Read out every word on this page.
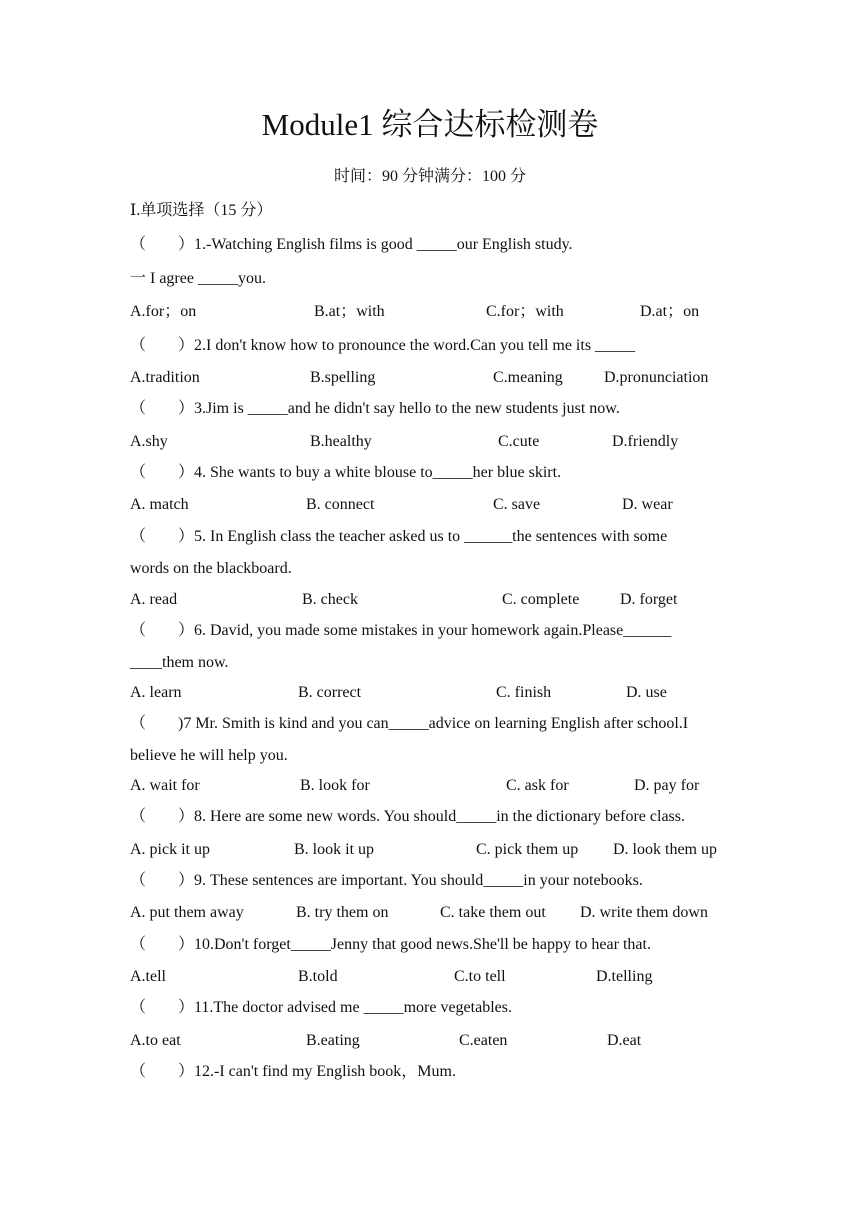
Module1 综合达标检测卷
时间：90 分钟满分：100 分
Ⅰ.单项选择（15 分）
（　　）1.-Watching English films is good _____our English study.
一 I agree _____you.
A.for；on	B.at；with	C.for；with	D.at；on
（　　）2.I don't know how to pronounce the word.Can you tell me its _____
A.tradition	B.spelling	C.meaning	D.pronunciation
（　　）3.Jim is _____and he didn't say hello to the new students just now.
A.shy	B.healthy	C.cute	D.friendly
（　　）4. She wants to buy a white blouse to_____her blue skirt.
A. match	B. connect	C. save	D. wear
（　　）5. In English class the teacher asked us to ______the sentences with some
words on the blackboard.
A. read	B. check	C. complete	D. forget
（　　）6. David, you made some mistakes in your homework again.Please______
____them now.
A. learn	B. correct	C. finish	D. use
（　　)7 Mr. Smith is kind and you can_____advice on learning English after school.I
believe he will help you.
A. wait for	B. look for	C. ask for	D. pay for
（　　）8. Here are some new words. You should_____in the dictionary before class.
A. pick it up	B. look it up	C. pick them up D. look them up
（　　）9. These sentences are important. You should_____in your notebooks.
A. put them away	B. try them on	C. take them out D. write them down
（　　）10.Don't forget_____Jenny that good news.She'll be happy to hear that.
A.tell	B.told	C.to tell	D.telling
（　　）11.The doctor advised me _____more vegetables.
A.to eat	B.eating	C.eaten	D.eat
（　　）12.-I can't find my English book，Mum.
